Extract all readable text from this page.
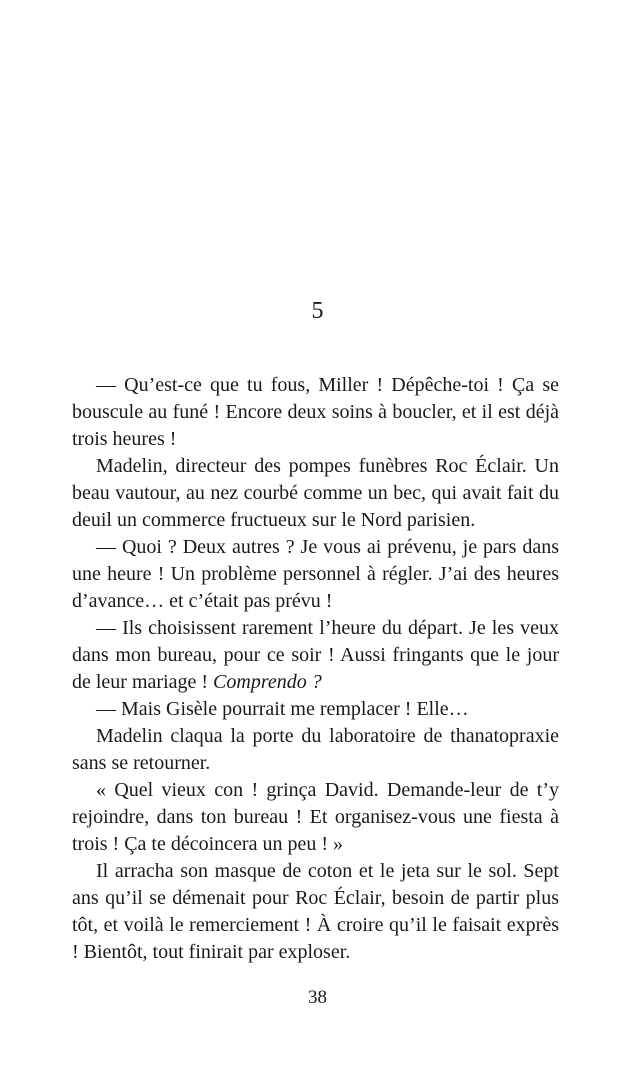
5

— Qu’est-ce que tu fous, Miller ! Dépêche-toi ! Ça se bouscule au funé ! Encore deux soins à boucler, et il est déjà trois heures !

Madelin, directeur des pompes funèbres Roc Éclair. Un beau vautour, au nez courbé comme un bec, qui avait fait du deuil un commerce fructueux sur le Nord parisien.

— Quoi ? Deux autres ? Je vous ai prévenu, je pars dans une heure ! Un problème personnel à régler. J’ai des heures d’avance… et c’était pas prévu !

— Ils choisissent rarement l’heure du départ. Je les veux dans mon bureau, pour ce soir ! Aussi fringants que le jour de leur mariage ! Comprendo ?

— Mais Gisèle pourrait me remplacer ! Elle…

Madelin claqua la porte du laboratoire de thanatopraxie sans se retourner.

« Quel vieux con ! grinça David. Demande-leur de t’y rejoindre, dans ton bureau ! Et organisez-vous une fiesta à trois ! Ça te décoincera un peu ! »

Il arracha son masque de coton et le jeta sur le sol. Sept ans qu’il se démenait pour Roc Éclair, besoin de partir plus tôt, et voilà le remerciement ! À croire qu’il le faisait exprès ! Bientôt, tout finirait par exploser.

38
